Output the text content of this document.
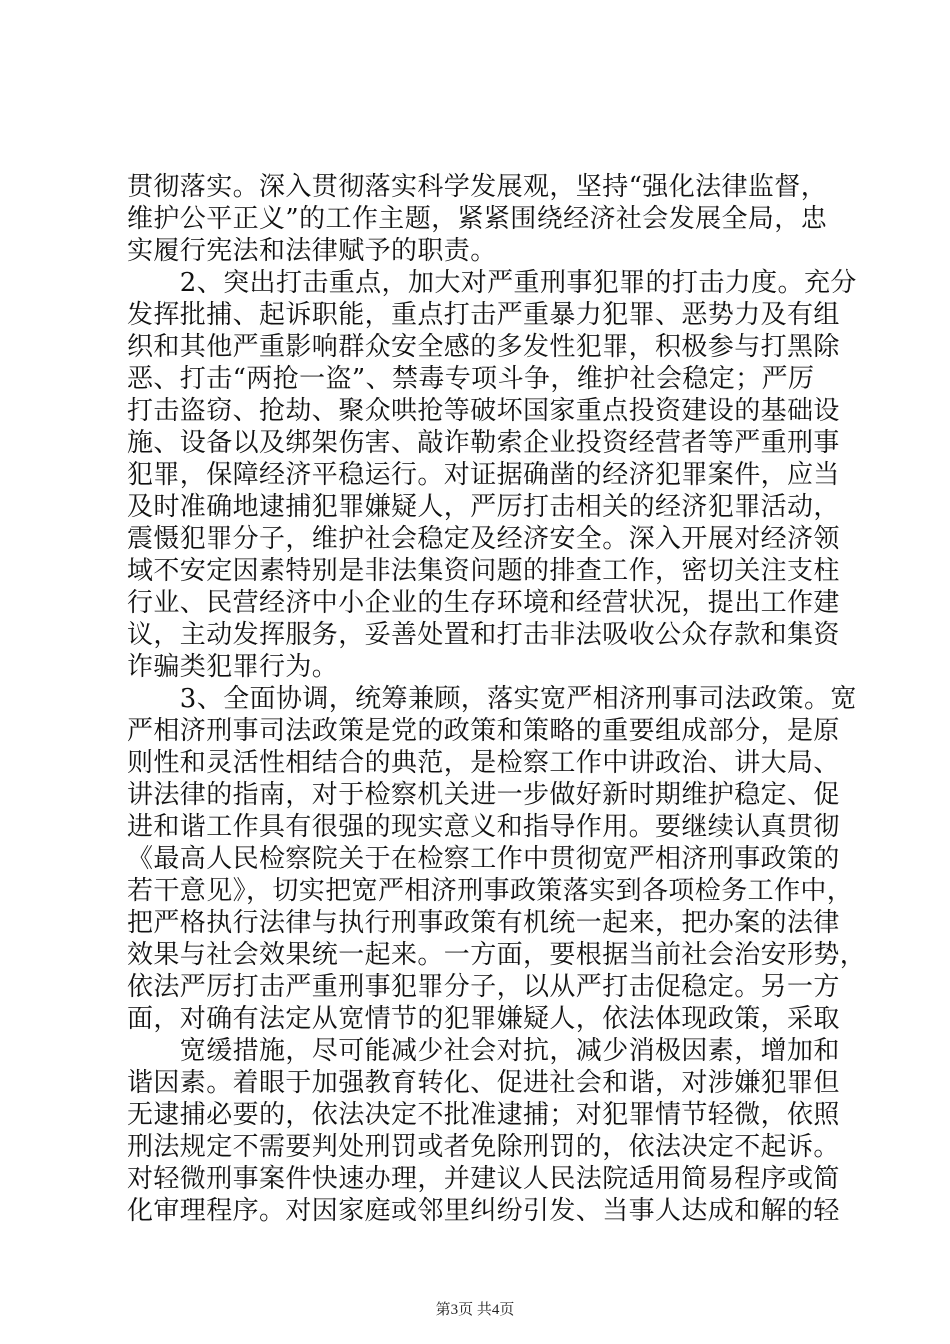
贯彻落实。深入贯彻落实科学发展观，坚持“强化法律监督，
维护公平正义”的工作主题，紧紧围绕经济社会发展全局，忠
实履行宪法和法律赋予的职责。
　　2、突出打击重点，加大对严重刑事犯罪的打击力度。充分
发挥批捕、起诉职能，重点打击严重暴力犯罪、恶势力及有组
织和其他严重影响群众安全感的多发性犯罪，积极参与打黑除
恶、打击“两抢一盗”、禁毒专项斗争，维护社会稳定；严厉
打击盗窃、抢劫、聚众哄抢等破坏国家重点投资建设的基础设
施、设备以及绑架伤害、敲诈勒索企业投资经营者等严重刑事
犯罪，保障经济平稳运行。对证据确凿的经济犯罪案件，应当
及时准确地逮捕犯罪嫌疑人，严厉打击相关的经济犯罪活动，
震慑犯罪分子，维护社会稳定及经济安全。深入开展对经济领
域不安定因素特别是非法集资问题的排查工作，密切关注支柱
行业、民营经济中小企业的生存环境和经营状况，提出工作建
议，主动发挥服务，妥善处置和打击非法吸收公众存款和集资
诈骗类犯罪行为。
　　3、全面协调，统筹兼顾，落实宽严相济刑事司法政策。宽
严相济刑事司法政策是党的政策和策略的重要组成部分，是原
则性和灵活性相结合的典范，是检察工作中讲政治、讲大局、
讲法律的指南，对于检察机关进一步做好新时期维护稳定、促
进和谐工作具有很强的现实意义和指导作用。要继续认真贯彻
《最高人民检察院关于在检察工作中贯彻宽严相济刑事政策的
若干意见》，切实把宽严相济刑事政策落实到各项检务工作中，
把严格执行法律与执行刑事政策有机统一起来，把办案的法律
效果与社会效果统一起来。一方面，要根据当前社会治安形势，
依法严厉打击严重刑事犯罪分子，以从严打击促稳定。另一方
面，对确有法定从宽情节的犯罪嫌疑人，依法体现政策，采取
　　宽缓措施，尽可能减少社会对抗，减少消极因素，增加和
谐因素。着眼于加强教育转化、促进社会和谐，对涉嫌犯罪但
无逮捕必要的，依法决定不批准逮捕；对犯罪情节轻微，依照
刑法规定不需要判处刑罚或者免除刑罚的，依法决定不起诉。
对轻微刑事案件快速办理，并建议人民法院适用简易程序或简
化审理程序。对因家庭或邻里纠纷引发、当事人达成和解的轻
第3页 共4页
